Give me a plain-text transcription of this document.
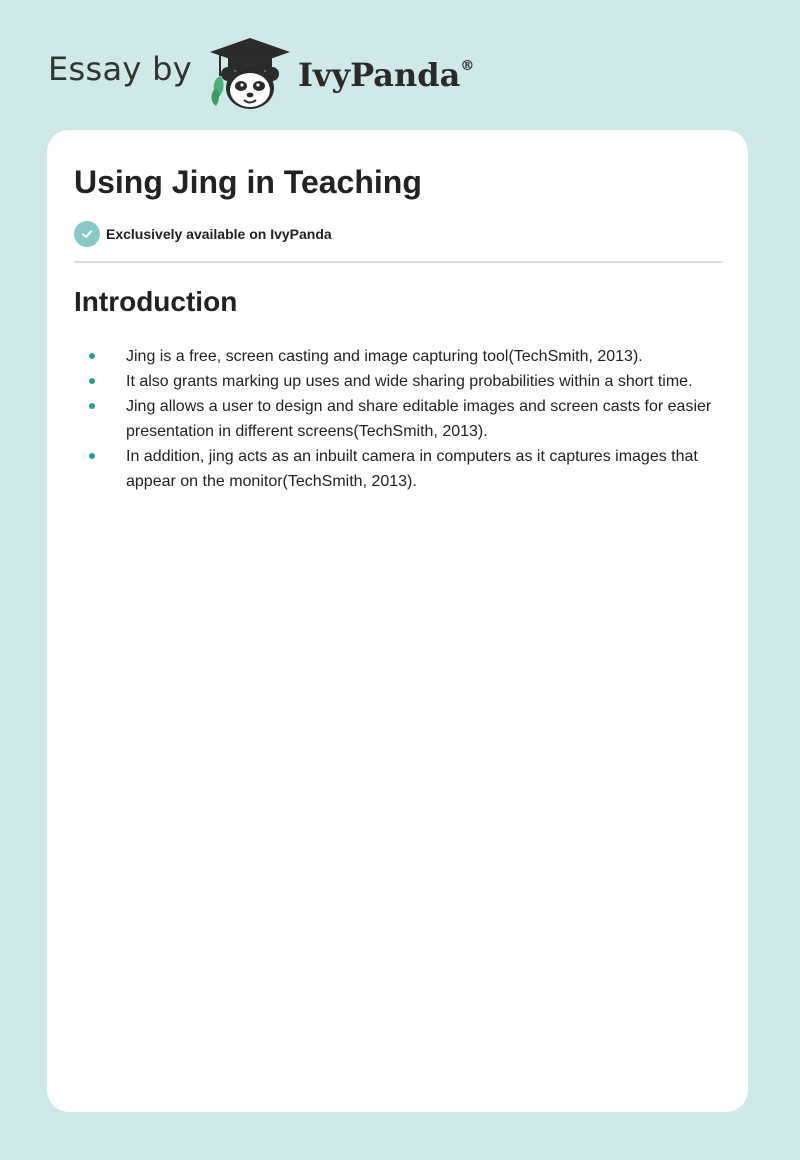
Essay by	IvyPanda ®
Using Jing in Teaching
Exclusively available on IvyPanda
Introduction
Jing is a free, screen casting and image capturing tool(TechSmith, 2013).
It also grants marking up uses and wide sharing probabilities within a short time.
Jing allows a user to design and share editable images and screen casts for easier presentation in different screens(TechSmith, 2013).
In addition, jing acts as an inbuilt camera in computers as it captures images that appear on the monitor(TechSmith, 2013).
